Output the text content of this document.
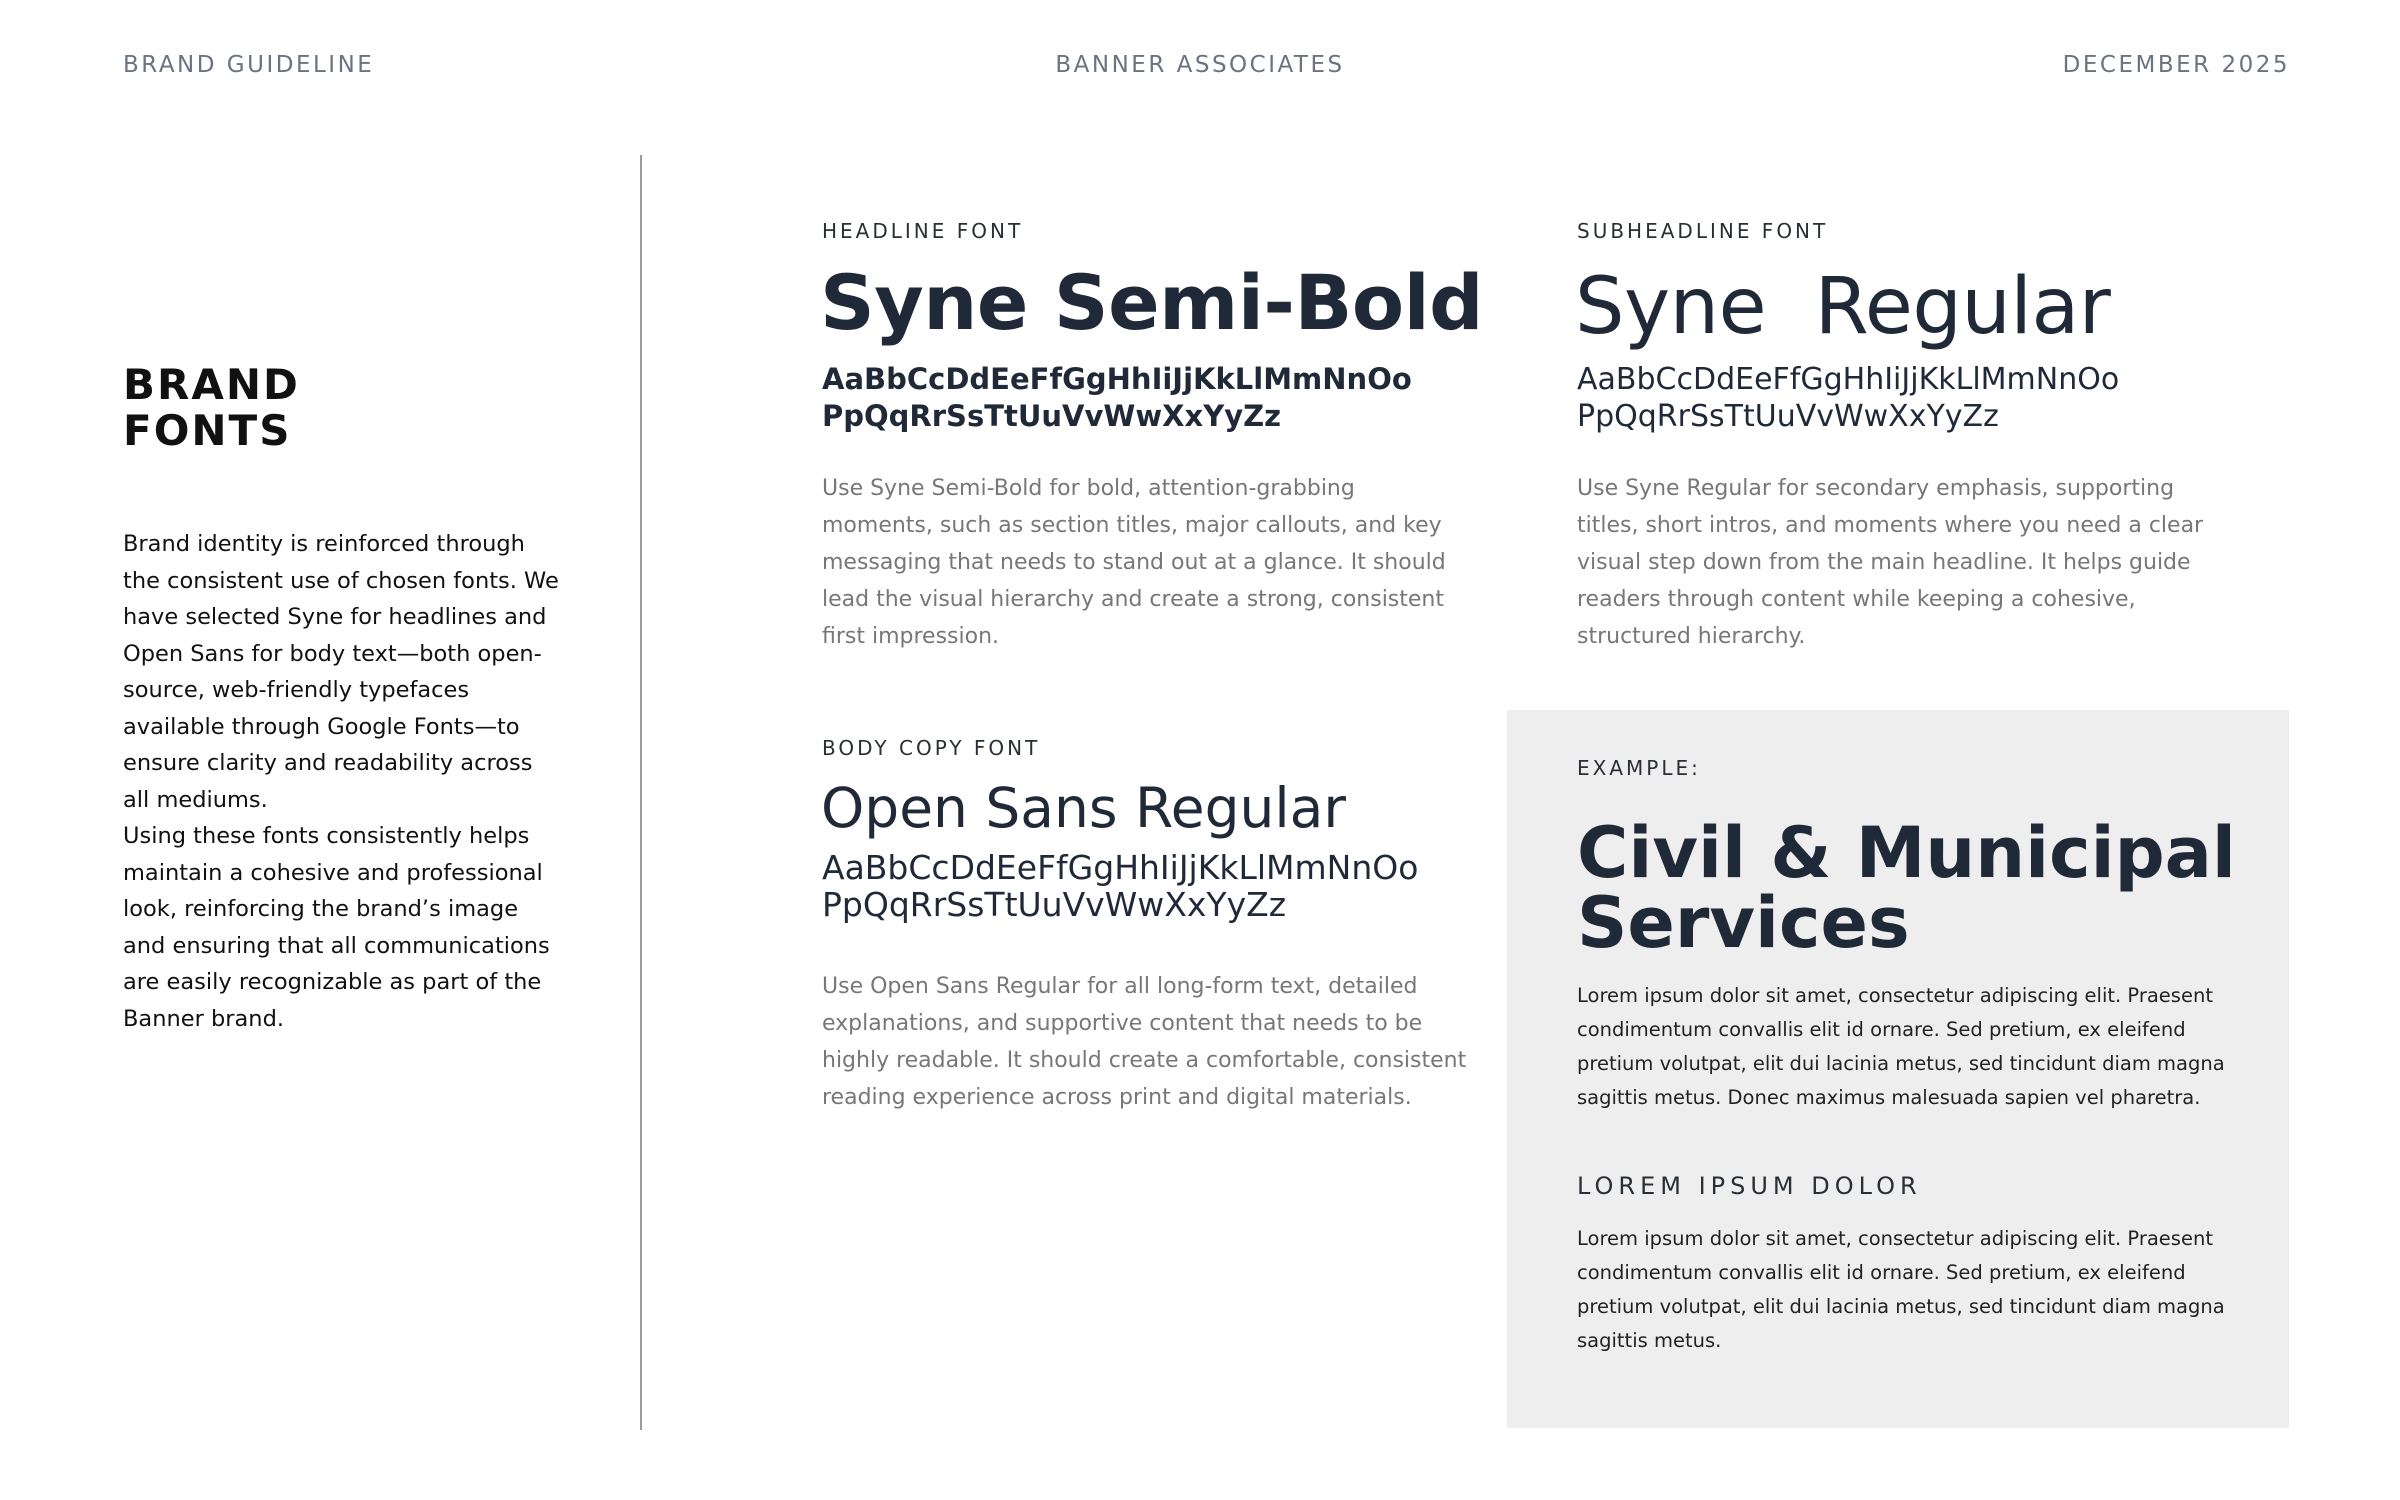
BRAND GUIDELINE	BANNER ASSOCIATES	DECEMBER 2025
BRAND
FONTS
Brand identity is reinforced through the consistent use of chosen fonts. We have selected Syne for headlines and Open Sans for body text—both open-source, web-friendly typefaces available through Google Fonts—to ensure clarity and readability across all mediums.
Using these fonts consistently helps maintain a cohesive and professional look, reinforcing the brand’s image and ensuring that all communications are easily recognizable as part of the Banner brand.
HEADLINE FONT
Syne Semi-Bold
AaBbCcDdEeFfGgHhIiJjKkLlMmNnOo
PpQqRrSsTtUuVvWwXxYyZz
Use Syne Semi-Bold for bold, attention-grabbing moments, such as section titles, major callouts, and key messaging that needs to stand out at a glance. It should lead the visual hierarchy and create a strong, consistent first impression.
SUBHEADLINE FONT
Syne  Regular
AaBbCcDdEeFfGgHhIiJjKkLlMmNnOo
PpQqRrSsTtUuVvWwXxYyZz
Use Syne Regular for secondary emphasis, supporting titles, short intros, and moments where you need a clear visual step down from the main headline. It helps guide readers through content while keeping a cohesive, structured hierarchy.
BODY COPY FONT
Open Sans Regular
AaBbCcDdEeFfGgHhIiJjKkLlMmNnOo
PpQqRrSsTtUuVvWwXxYyZz
Use Open Sans Regular for all long-form text, detailed explanations, and supportive content that needs to be highly readable. It should create a comfortable, consistent reading experience across print and digital materials.
EXAMPLE:
Civil & Municipal
Services
Lorem ipsum dolor sit amet, consectetur adipiscing elit. Praesent condimentum convallis elit id ornare. Sed pretium, ex eleifend pretium volutpat, elit dui lacinia metus, sed tincidunt diam magna sagittis metus. Donec maximus malesuada sapien vel pharetra.
LOREM IPSUM DOLOR
Lorem ipsum dolor sit amet, consectetur adipiscing elit. Praesent condimentum convallis elit id ornare. Sed pretium, ex eleifend pretium volutpat, elit dui lacinia metus, sed tincidunt diam magna sagittis metus.
